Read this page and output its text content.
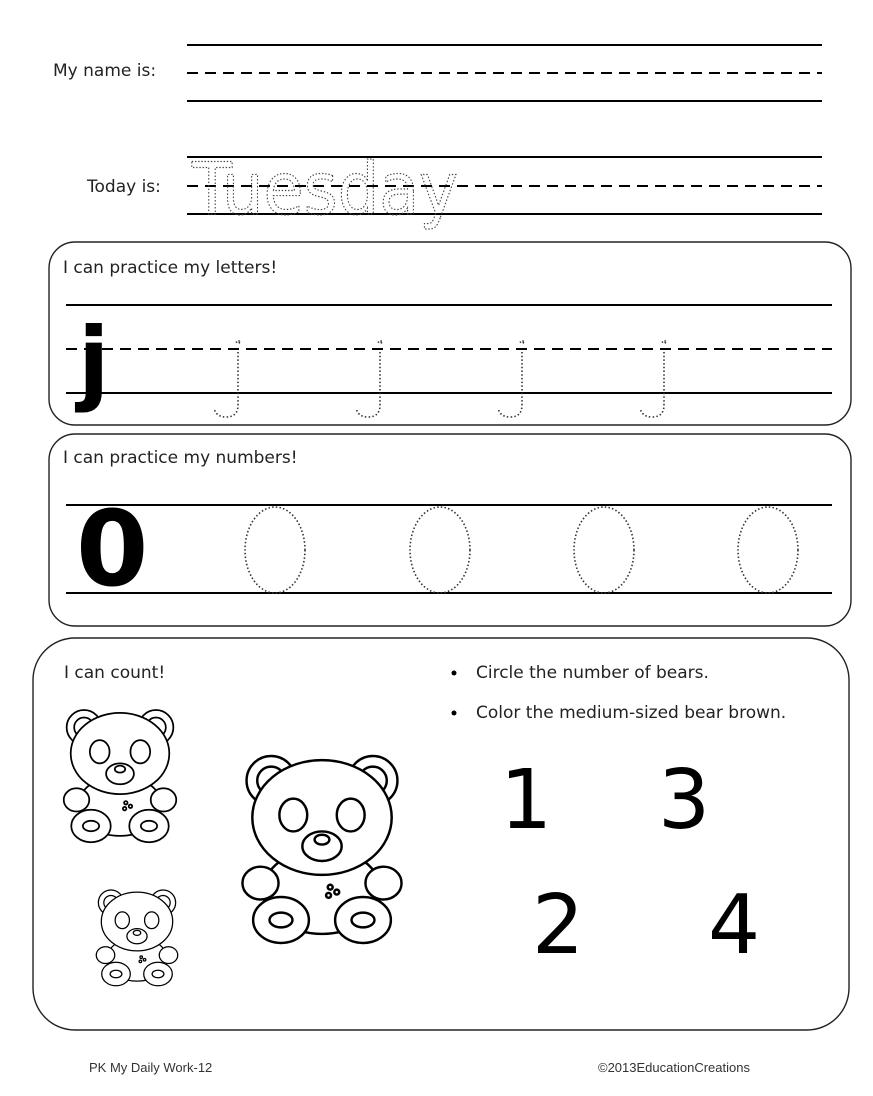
My name is:
Today is: Tuesday
I can practice my letters!
j
I can practice my numbers!
0
I can count!	Circle the number of bears.
Color the medium-sized bear brown.
1 3
2 4
PK My Daily Work-12	©2013EducationCreations
